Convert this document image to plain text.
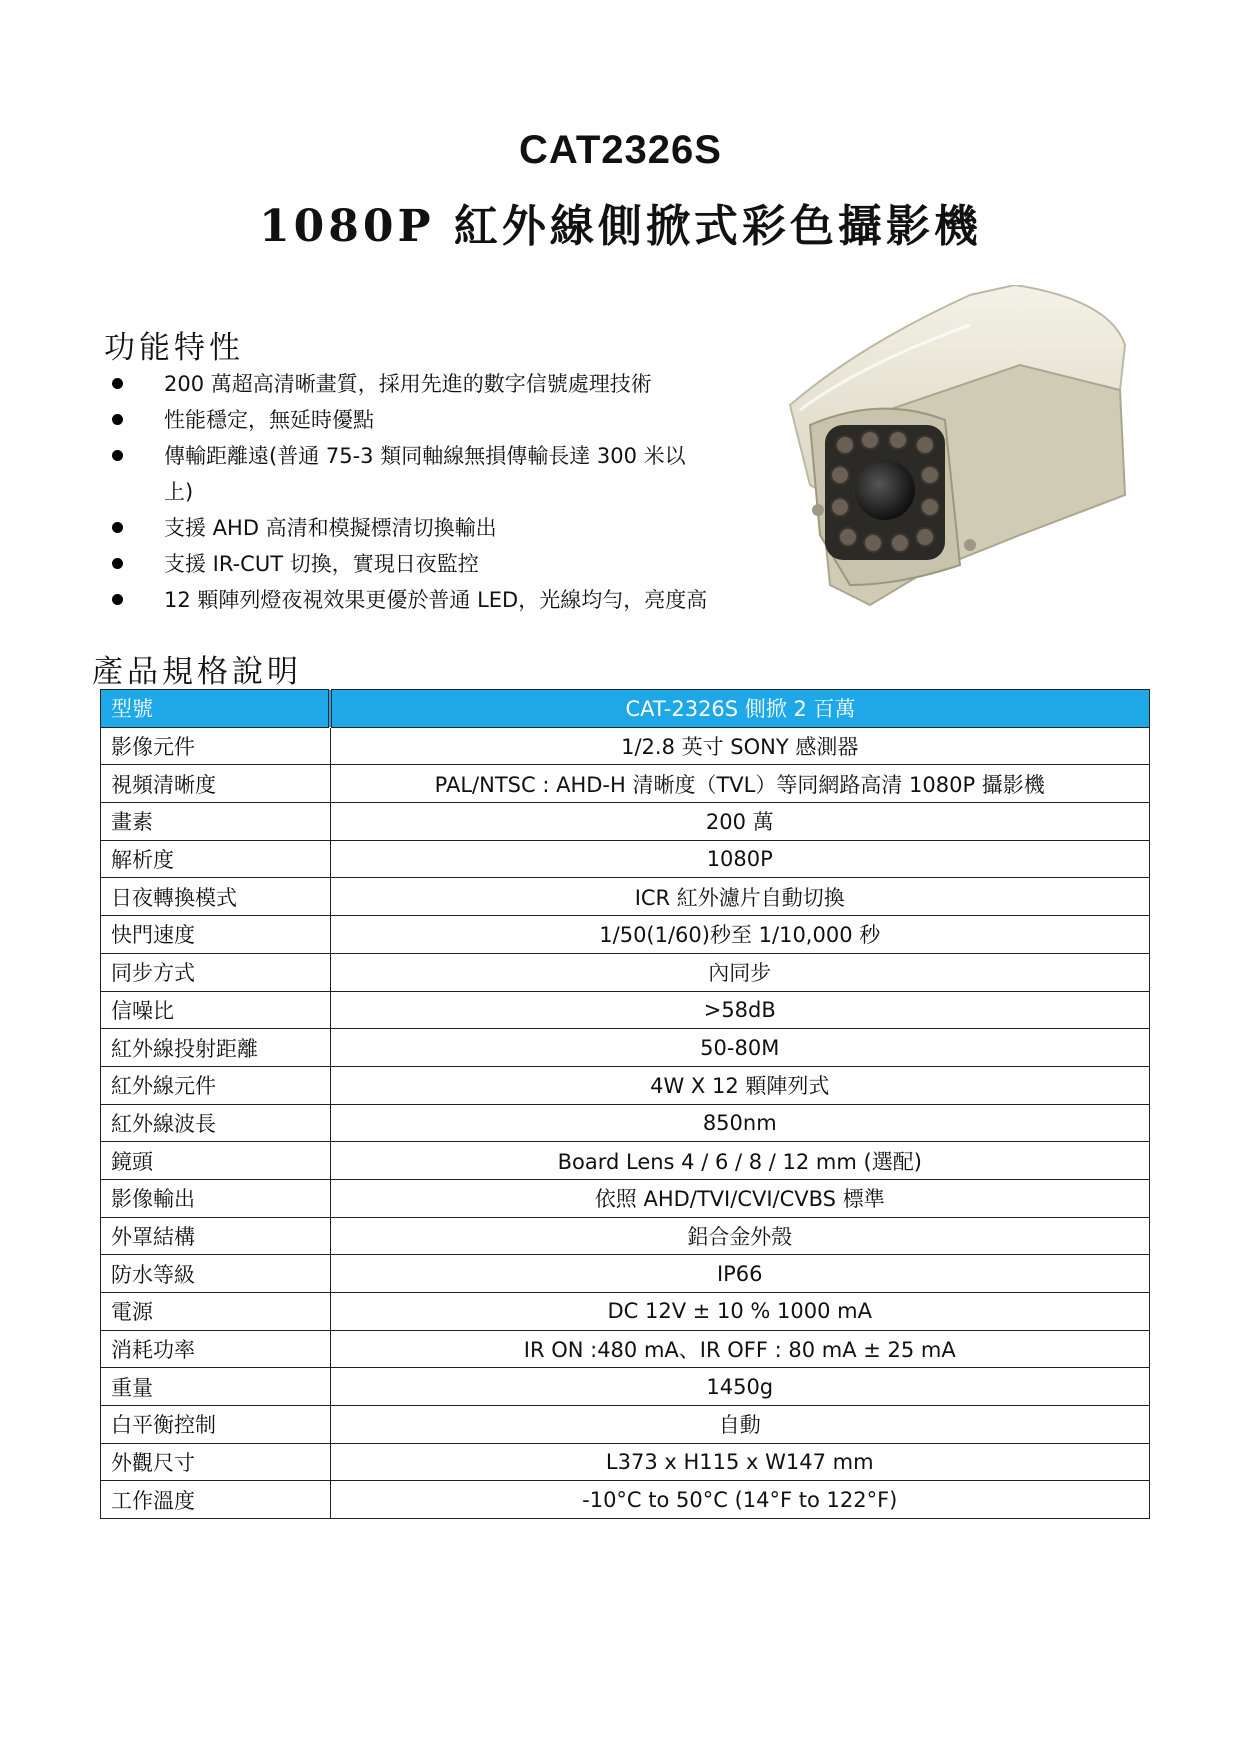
CAT2326S
1080P 紅外線側掀式彩色攝影機
功能特性
200 萬超高清晰畫質，採用先進的數字信號處理技術
性能穩定，無延時優點
傳輸距離遠(普通 75-3 類同軸線無損傳輸長達 300 米以上)
支援 AHD 高清和模擬標清切換輸出
支援 IR-CUT 切換，實現日夜監控
12 顆陣列燈夜視效果更優於普通 LED，光線均勻，亮度高
產品規格說明
型號	CAT-2326S 側掀 2 百萬
影像元件	1/2.8 英寸 SONY 感測器
視頻清晰度	PAL/NTSC : AHD-H 清晰度（TVL）等同網路高清 1080P 攝影機
畫素	200 萬
解析度	1080P
日夜轉換模式	ICR 紅外濾片自動切換
快門速度	1/50(1/60)秒至 1/10,000 秒
同步方式	內同步
信噪比	>58dB
紅外線投射距離	50-80M
紅外線元件	4W X 12 顆陣列式
紅外線波長	850nm
鏡頭	Board Lens 4 / 6 / 8 / 12 mm (選配)
影像輸出	依照 AHD/TVI/CVI/CVBS 標準
外罩結構	鋁合金外殼
防水等級	IP66
電源	DC 12V ± 10 % 1000 mA
消耗功率	IR ON :480 mA、IR OFF : 80 mA ± 25 mA
重量	1450g
白平衡控制	自動
外觀尺寸	L373 x H115 x W147 mm
工作溫度	-10°C to 50°C (14°F to 122°F)
